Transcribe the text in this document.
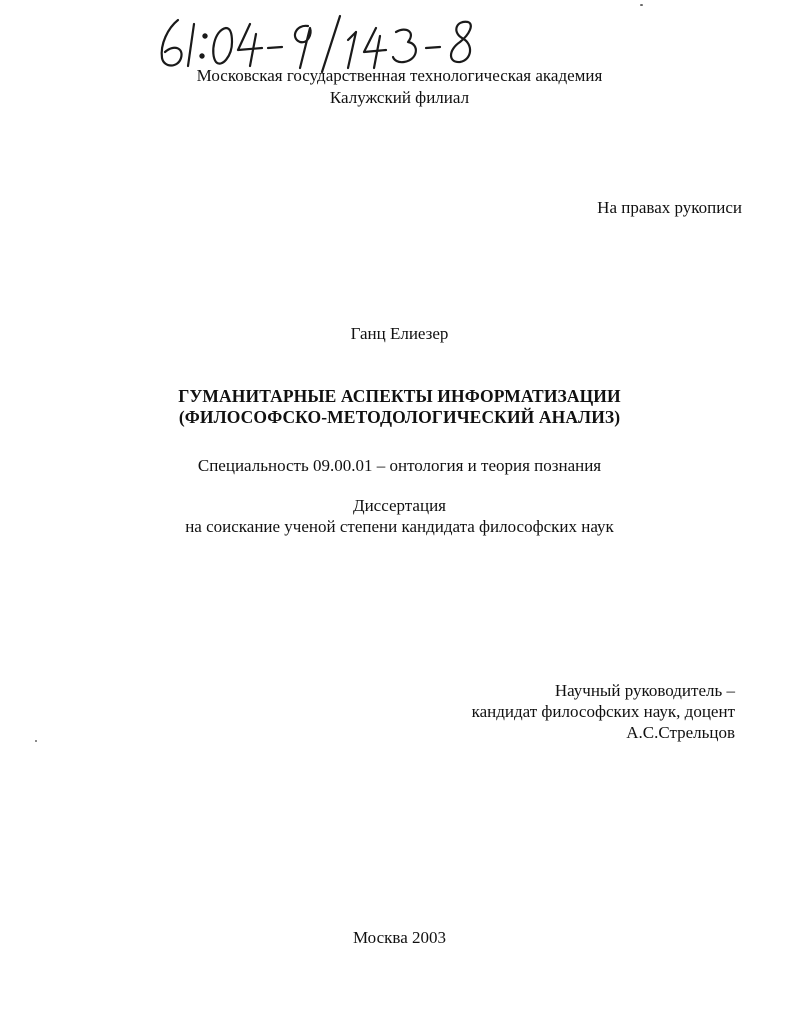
Московская государственная технологическая академия
Калужский филиал
На правах рукописи
Ганц Елиезер
ГУМАНИТАРНЫЕ АСПЕКТЫ ИНФОРМАТИЗАЦИИ
(ФИЛОСОФСКО-МЕТОДОЛОГИЧЕСКИЙ АНАЛИЗ)
Специальность 09.00.01 – онтология и теория познания
Диссертация
на соискание ученой степени кандидата философских наук
Научный руководитель –
кандидат философских наук, доцент
А.С.Стрельцов
Москва 2003
